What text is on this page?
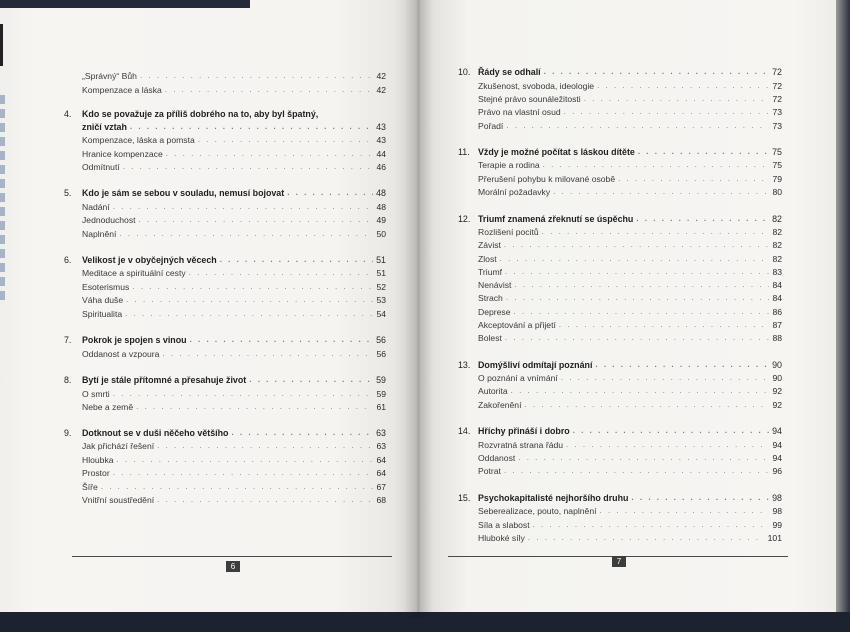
„Správný“ Bůh . . .	42
Kompenzace a láska . . .	42
4. Kdo se považuje za příliš dobrého na to, aby byl špatný,
zničí vztah . . .	43
Kompenzace, láska a pomsta . . .	43
Hranice kompenzace . . .	44
Odmítnutí . . .	46
5. Kdo je sám se sebou v souladu, nemusí bojovat . . .	48
Nadání . . .	48
Jednoduchost . . .	49
Naplnění . . .	50
6. Velikost je v obyčejných věcech . . .	51
Meditace a spirituální cesty . . .	51
Esoterismus . . .	52
Váha duše . . .	53
Spiritualita . . .	54
7. Pokrok je spojen s vinou . . .	56
Oddanost a vzpoura . . .	56
8. Bytí je stále přítomné a přesahuje život . . .	59
O smrti . . .	59
Nebe a země . . .	61
9. Dotknout se v duši něčeho většího . . .	63
Jak přichází řešení . . .	63
Hloubka . . .	64
Prostor . . .	64
Šíře . . .	67
Vnitřní soustředění . . .	68
10. Řády se odhalí . . .	72
Zkušenost, svoboda, ideologie . . .	72
Stejné právo sounáležitosti . . .	72
Právo na vlastní osud . . .	73
Pořadí . . .	73
11. Vždy je možné počítat s láskou dítěte . . .	75
Terapie a rodina . . .	75
Přerušení pohybu k milované osobě . . .	79
Morální požadavky . . .	80
12. Triumf znamená zřeknutí se úspěchu . . .	82
Rozlišení pocitů . . .	82
Závist . . .	82
Zlost . . .	82
Triumf . . .	83
Nenávist . . .	84
Strach . . .	84
Deprese . . .	86
Akceptování a přijetí . . .	87
Bolest . . .	88
13. Domýšliví odmítají poznání . . .	90
O poznání a vnímání . . .	90
Autorita . . .	92
Zakořenění . . .	92
14. Hříchy přináší i dobro . . .	94
Rozvratná strana řádu . . .	94
Oddanost . . .	94
Potrat . . .	96
15. Psychokapitalisté nejhoršího druhu . . .	98
Seberealizace, pouto, naplnění . . .	98
Síla a slabost . . .	99
Hluboké síly . . .	101
6
7
